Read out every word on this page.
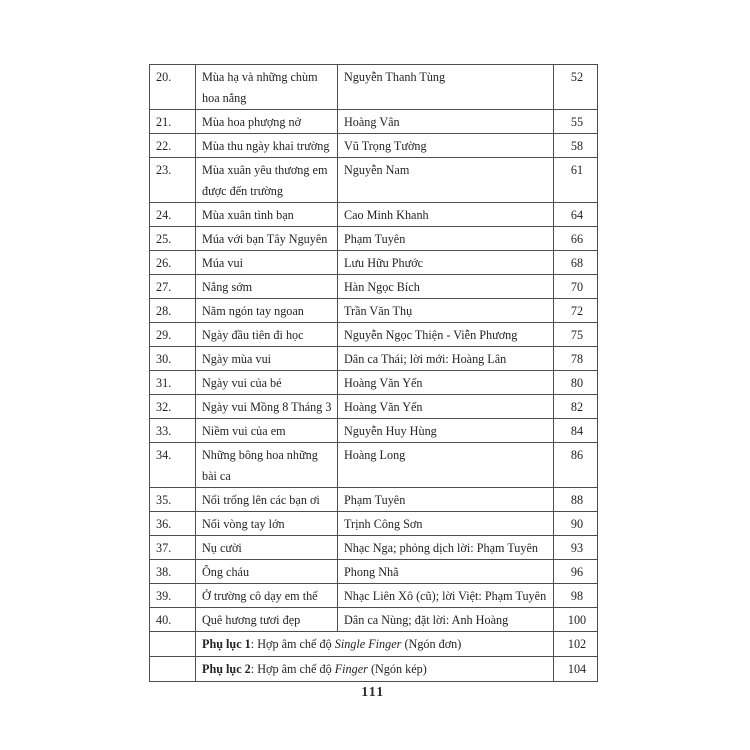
20.	Mùa hạ và những chùm
hoa nắng	Nguyễn Thanh Tùng	52
21.	Mùa hoa phượng nở	Hoàng Vân	55
22.	Mùa thu ngày khai trường	Vũ Trọng Tường	58
23.	Mùa xuân yêu thương em
được đến trường	Nguyễn Nam	61
24.	Mùa xuân tình bạn	Cao Minh Khanh	64
25.	Múa với bạn Tây Nguyên	Phạm Tuyên	66
26.	Múa vui	Lưu Hữu Phước	68
27.	Nắng sớm	Hàn Ngọc Bích	70
28.	Năm ngón tay ngoan	Trần Văn Thụ	72
29.	Ngày đầu tiên đi học	Nguyễn Ngọc Thiện - Viễn Phương	75
30.	Ngày mùa vui	Dân ca Thái; lời mới: Hoàng Lân	78
31.	Ngày vui của bé	Hoàng Văn Yến	80
32.	Ngày vui Mồng 8 Tháng 3	Hoàng Văn Yến	82
33.	Niềm vui của em	Nguyễn Huy Hùng	84
34.	Những bông hoa những
bài ca	Hoàng Long	86
35.	Nổi trống lên các bạn ơi	Phạm Tuyên	88
36.	Nối vòng tay lớn	Trịnh Công Sơn	90
37.	Nụ cười	Nhạc Nga; phỏng dịch lời: Phạm Tuyên	93
38.	Ông cháu	Phong Nhã	96
39.	Ở trường cô dạy em thế	Nhạc Liên Xô (cũ); lời Việt: Phạm Tuyên	98
40.	Quê hương tươi đẹp	Dân ca Nùng; đặt lời: Anh Hoàng	100
	Phụ lục 1: Hợp âm chế độ Single Finger (Ngón đơn)		102
	Phụ lục 2: Hợp âm chế độ Finger (Ngón kép)		104
111
